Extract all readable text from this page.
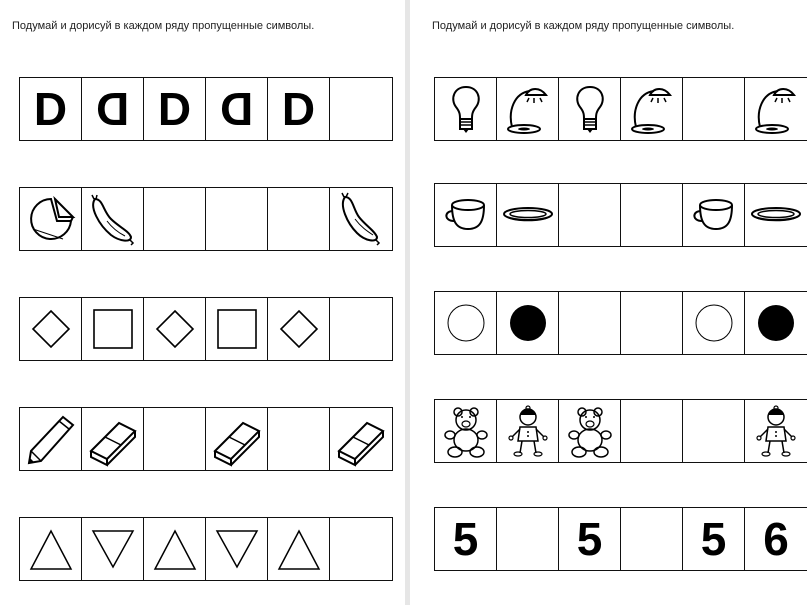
Подумай и дорисуй в каждом ряду пропущенные символы.
D D D D D
Подумай и дорисуй в каждом ряду пропущенные символы.
5 5 5 6
